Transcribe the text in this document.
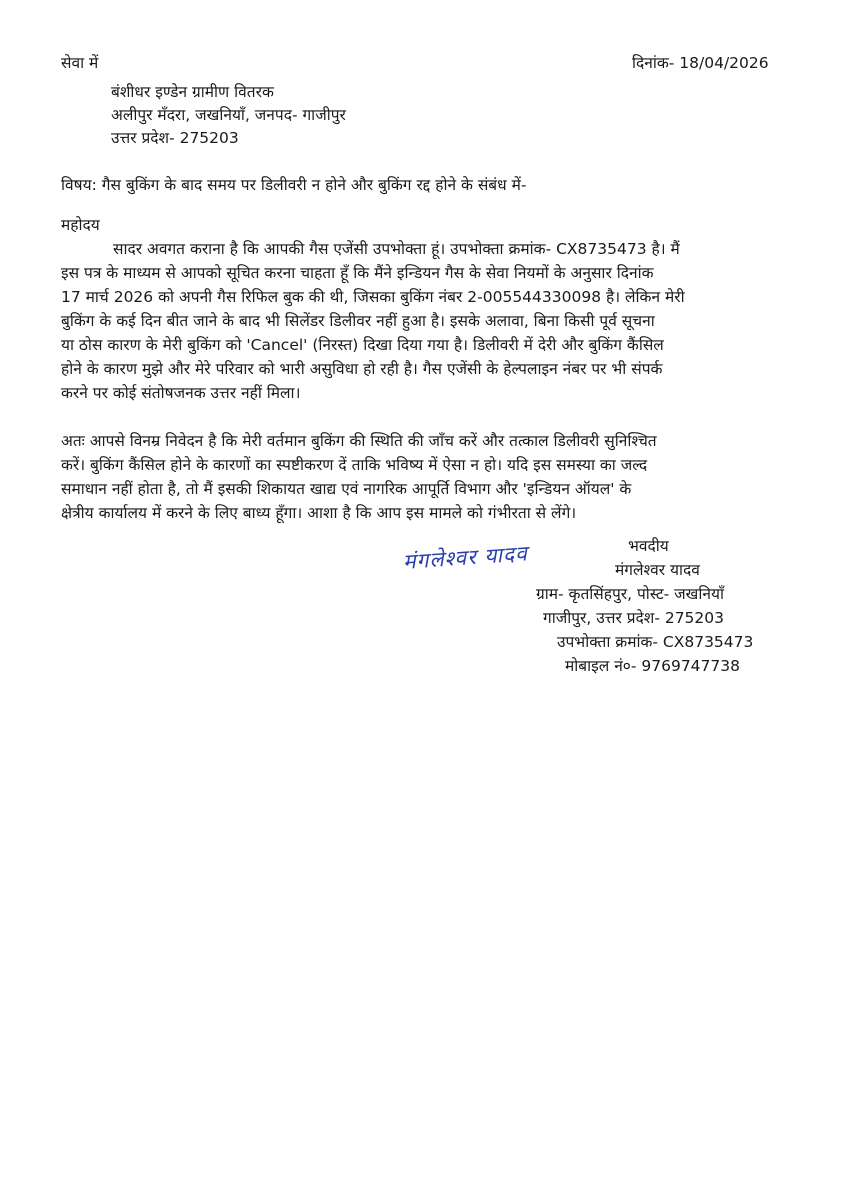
सेवा में	दिनांक- 18/04/2026
बंशीधर इण्डेन ग्रामीण वितरक
अलीपुर मँदरा, जखनियाँ, जनपद- गाजीपुर
उत्तर प्रदेश- 275203
विषय: गैस बुकिंग के बाद समय पर डिलीवरी न होने और बुकिंग रद्द होने के संबंध में-
महोदय
सादर अवगत कराना है कि आपकी गैस एजेंसी उपभोक्ता हूं। उपभोक्ता क्रमांक- CX8735473 है। मैं
इस पत्र के माध्यम से आपको सूचित करना चाहता हूँ कि मैंने इन्डियन गैस के सेवा नियमों के अनुसार दिनांक
17 मार्च 2026 को अपनी गैस रिफिल बुक की थी, जिसका बुकिंग नंबर 2-005544330098 है। लेकिन मेरी
बुकिंग के कई दिन बीत जाने के बाद भी सिलेंडर डिलीवर नहीं हुआ है। इसके अलावा, बिना किसी पूर्व सूचना
या ठोस कारण के मेरी बुकिंग को 'Cancel' (निरस्त) दिखा दिया गया है। डिलीवरी में देरी और बुकिंग कैंसिल
होने के कारण मुझे और मेरे परिवार को भारी असुविधा हो रही है। गैस एजेंसी के हेल्पलाइन नंबर पर भी संपर्क
करने पर कोई संतोषजनक उत्तर नहीं मिला।
अतः आपसे विनम्र निवेदन है कि मेरी वर्तमान बुकिंग की स्थिति की जाँच करें और तत्काल डिलीवरी सुनिश्चित
करें। बुकिंग कैंसिल होने के कारणों का स्पष्टीकरण दें ताकि भविष्य में ऐसा न हो। यदि इस समस्या का जल्द
समाधान नहीं होता है, तो मैं इसकी शिकायत खाद्य एवं नागरिक आपूर्ति विभाग और 'इन्डियन ऑयल' के
क्षेत्रीय कार्यालय में करने के लिए बाध्य हूँगा। आशा है कि आप इस मामले को गंभीरता से लेंगे।
भवदीय
मंगलेश्वर यादव	मंगलेश्वर यादव
ग्राम- कृतसिंहपुर, पोस्ट- जखनियाँ
गाजीपुर, उत्तर प्रदेश- 275203
उपभोक्ता क्रमांक- CX8735473
मोबाइल नं०- 9769747738
